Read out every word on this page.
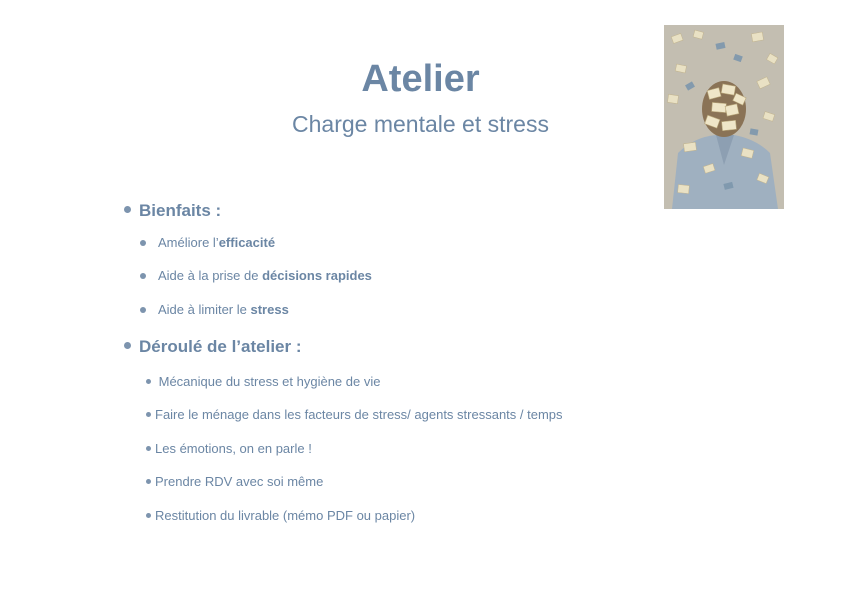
Atelier
Charge mentale et stress
Bienfaits :
Améliore l’efficacité
Aide à la prise de décisions rapides
Aide à limiter le stress
Déroulé de l’atelier :
Mécanique du stress et hygiène de vie
Faire le ménage dans les facteurs de stress/ agents stressants / temps
Les émotions, on en parle !
Prendre RDV avec soi même
Restitution du livrable (mémo PDF ou papier)
